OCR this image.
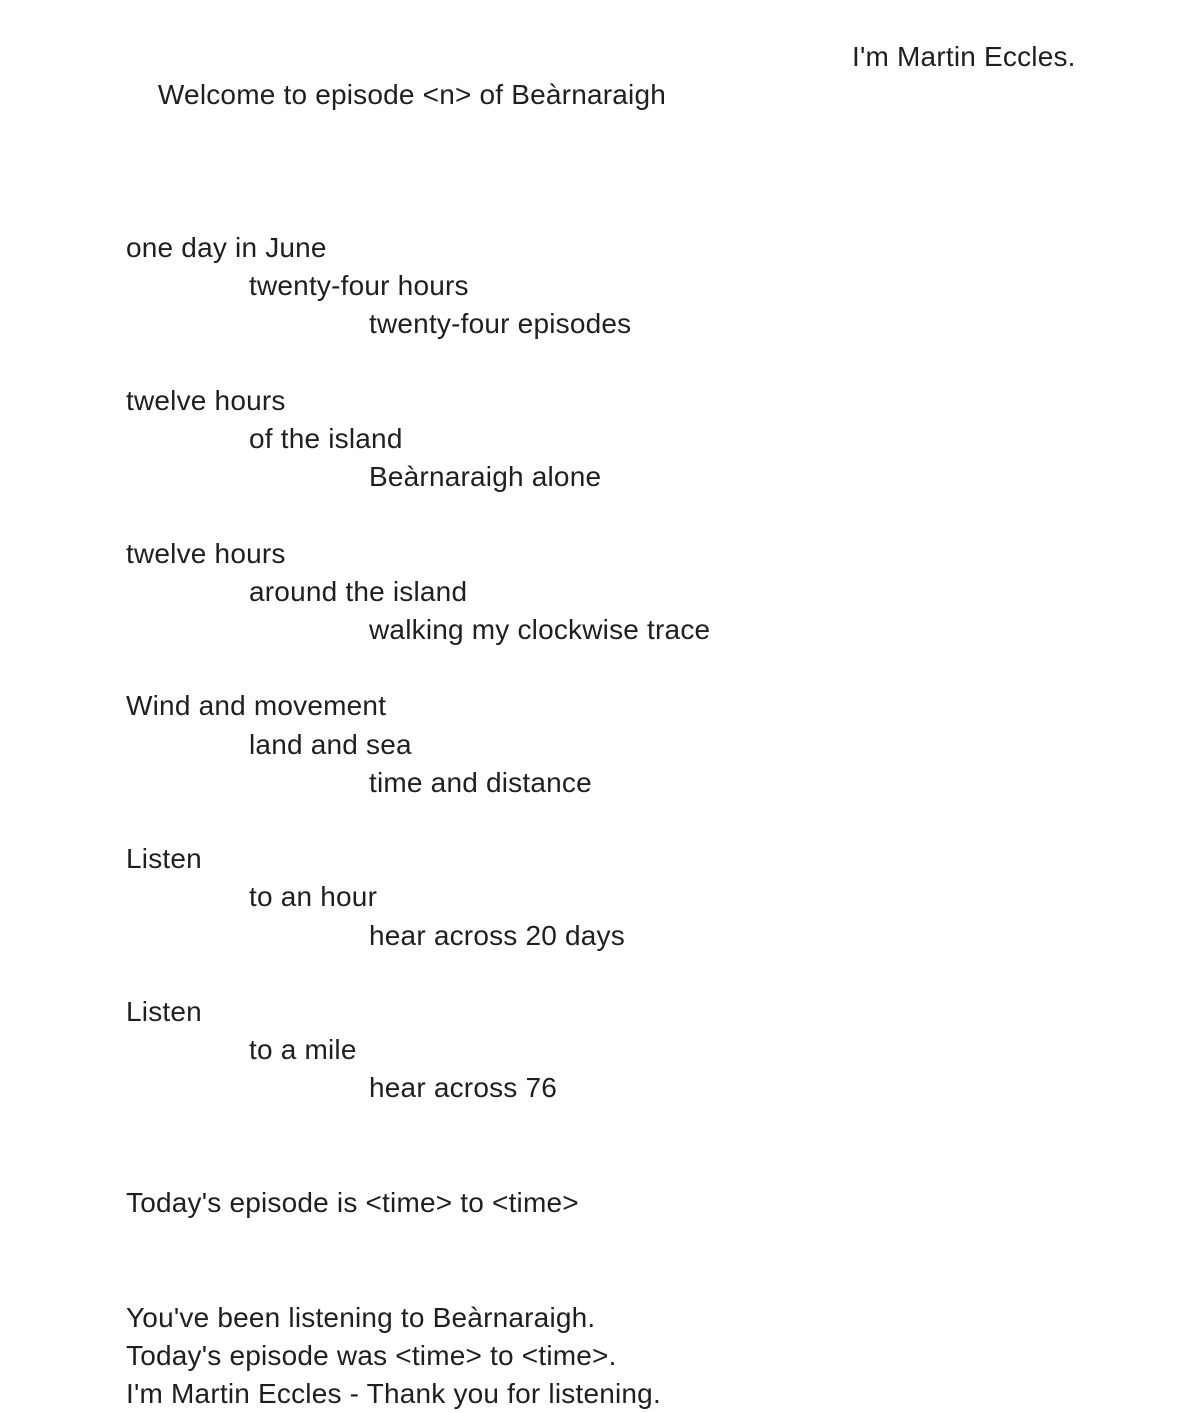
Welcome to episode <n> of Beàrnaraigh

I'm Martin Eccles.

one day in June
twenty-four hours
twenty-four episodes
twelve hours
of the island
Beàrnaraigh alone
twelve hours
around the island
walking my clockwise trace
Wind and movement
land and sea
time and distance
Listen
to an hour
hear across 20 days
Listen
to a mile
hear across 76
Today's episode is <time> to <time>
You've been listening to Beàrnaraigh.
Today's episode was <time> to <time>.
I'm Martin Eccles - Thank you for listening.
